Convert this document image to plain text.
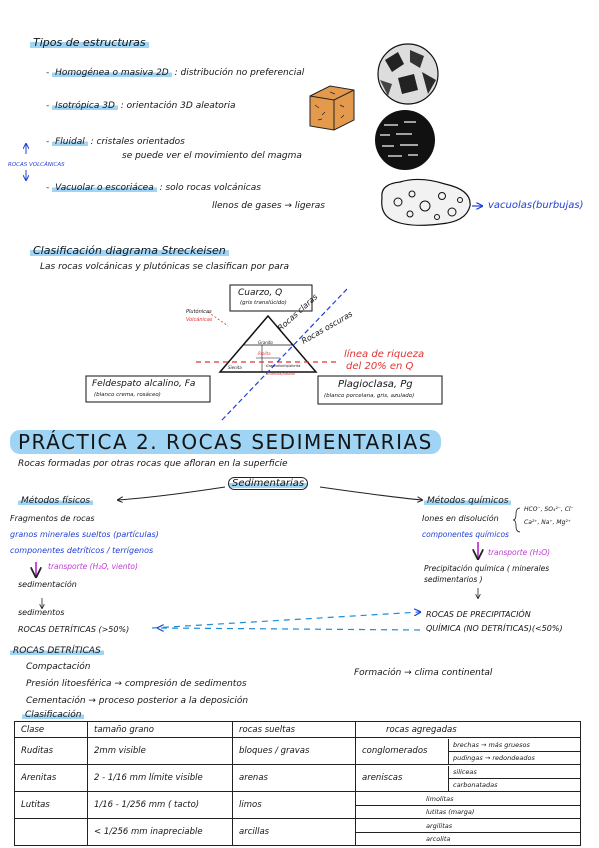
Tipos de estructuras
- Homogénea o masiva 2D : distribución no preferencial
- Isotrópica 3D : orientación 3D aleatoria
- Fluidal : cristales orientados
se puede ver el movimiento del magma
ROCAS VOLCÁNICAS
- Vacuolar o escoriácea : solo rocas volcánicas
llenos de gases → ligeras	vacuolas(burbujas)
Clasificación diagrama Streckeisen
Las rocas volcánicas y plutónicas se clasifican por para
Cuarzo, Q
(gris translúcido)
Plutónicas
Volcánicas	Rocas claras
Rocas oscuras
Granito
Riolita
Sienita	Granodiorita/diorita
Andesita/basalto
línea de riqueza
del 20% en Q
Feldespato alcalino, Fa
(blanco crema, rosáceo)
Plagioclasa, Pg
(blanco porcelana, gris, azulado)
PRÁCTICA 2. ROCAS SEDIMENTARIAS
Rocas formadas por otras rocas que afloran en la superficie
Sedimentarias
Métodos físicos	Métodos químicos
Fragmentos de rocas
granos minerales sueltos (partículas)
componentes detríticos / terrígenos
transporte (H₂O, viento)
sedimentación
sedimentos
ROCAS DETRÍTICAS (>50%)
Iones en disolución
HCO⁻, SO₄²⁻, Cl⁻
Ca²⁺, Na⁺, Mg²⁺
componentes químicos
transporte (H₂O)
Precipitación química ( minerales
sedimentarios )
ROCAS DE PRECIPITACIÓN
QUÍMICA (NO DETRÍTICAS)(<50%)
ROCAS DETRÍTICAS
Compactación
Presión litoesférica → compresión de sedimentos
Cementación → proceso posterior a la deposición
Formación → clima continental
Clasificación
Clase	tamaño grano	rocas sueltas	rocas agregadas
Ruditas	2mm visible	bloques / gravas	conglomerados
brechas → más gruesos
pudingas → redondeados

Arenitas	2 - 1/16 mm límite visible	arenas	areniscas
silíceas
carbonatadas

Lutitas	1/16 - 1/256 mm ( tacto)	limos	limolitas
lutitas (marga)

	< 1/256 mm inapreciable	arcillas	argilitas
arcolita
